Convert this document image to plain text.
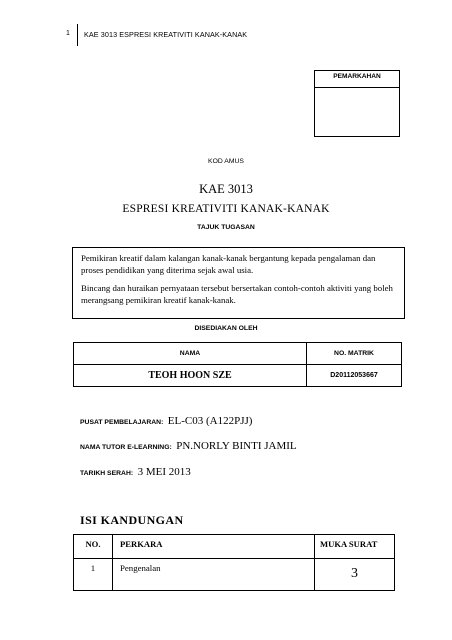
1 KAE 3013 ESPRESI KREATIVITI KANAK-KANAK
PEMARKAHAN
KOD AMUS
KAE 3013
ESPRESI KREATIVITI KANAK-KANAK
TAJUK TUGASAN

Pemikiran kreatif dalam kalangan kanak-kanak bergantung kepada pengalaman dan proses pendidikan yang diterima sejak awal usia.

Bincang dan huraikan pernyataan tersebut bersertakan contoh-contoh aktiviti yang boleh merangsang pemikiran kreatif kanak-kanak.

DISEDIAKAN OLEH
NAMA	NO. MATRIK
TEOH HOON SZE	D20112053667
PUSAT PEMBELAJARAN: EL-C03 (A122PJJ)
NAMA TUTOR E-LEARNING: PN.NORLY BINTI JAMIL
TARIKH SERAH: 3 MEI 2013
ISI KANDUNGAN
NO.	PERKARA	MUKA SURAT
1	Pengenalan	3
